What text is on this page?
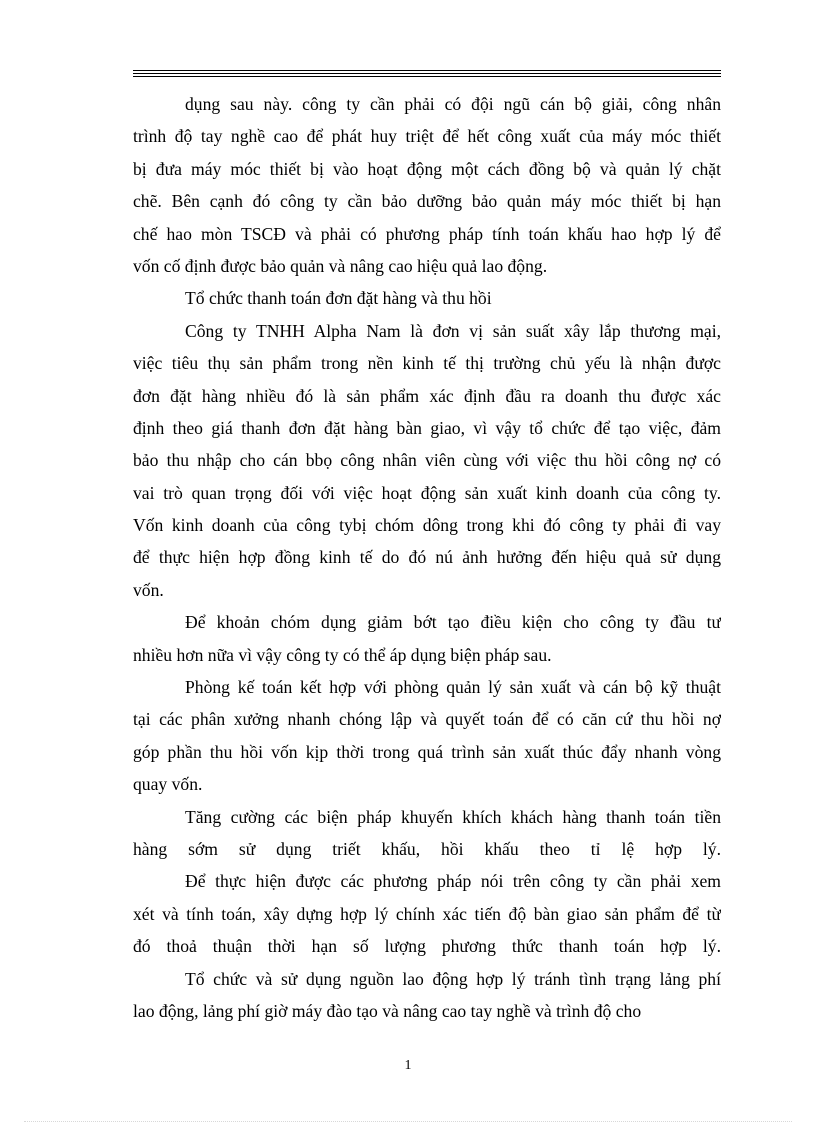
dụng sau này. công ty cần phải có đội ngũ cán bộ giải, công nhân
trình độ tay nghề cao để phát huy triệt để hết công xuất của máy móc thiết
bị đưa máy móc thiết bị vào hoạt động một cách đồng bộ và quản lý chặt
chẽ. Bên cạnh đó công ty cần bảo dưỡng bảo quản máy móc thiết bị hạn
chế hao mòn TSCĐ và phải có phương pháp tính toán khấu hao hợp lý để
vốn cố định được bảo quản và nâng cao hiệu quả lao động.
Tổ chức thanh toán đơn đặt hàng và thu hồi
Công ty TNHH Alpha Nam là đơn vị sản suất xây lắp thương mại,
việc tiêu thụ sản phẩm trong nền kinh tế thị trường chủ yếu là nhận được
đơn đặt hàng nhiều đó là sản phẩm xác định đầu ra doanh thu được xác
định theo giá thanh đơn đặt hàng bàn giao, vì vậy tổ chức để tạo việc, đảm
bảo thu nhập cho cán bbọ công nhân viên cùng với việc thu hồi công nợ có
vai trò quan trọng đối với việc hoạt động sản xuất kinh doanh của công ty.
Vốn kinh doanh của công tybị chóm dông trong khi đó công ty phải đi vay
để thực hiện hợp đồng kinh tế do đó nú ảnh hưởng đến hiệu quả sử dụng
vốn.
Để khoản chóm dụng giảm bớt tạo điều kiện cho công ty đầu tư
nhiều hơn nữa vì vậy công ty có thể áp dụng biện pháp sau.
Phòng kế toán kết hợp với phòng quản lý sản xuất và cán bộ kỹ thuật
tại các phân xưởng nhanh chóng lập và quyết toán để có căn cứ thu hồi nợ
góp phần thu hồi vốn kịp thời trong quá trình sản xuất thúc đẩy nhanh vòng
quay vốn.
Tăng cường các biện pháp khuyến khích khách hàng thanh toán tiền
hàng sớm sử dụng triết khấu, hồi khấu theo tỉ lệ hợp lý.
Để thực hiện được các phương pháp nói trên công ty cần phải xem
xét và tính toán, xây dựng hợp lý chính xác tiến độ bàn giao sản phẩm để từ
đó thoả thuận thời hạn số lượng phương thức thanh toán hợp lý.
Tổ chức và sử dụng nguồn lao động hợp lý tránh tình trạng lảng phí
lao động, lảng phí giờ máy đào tạo và nâng cao tay nghề và trình độ cho
1
